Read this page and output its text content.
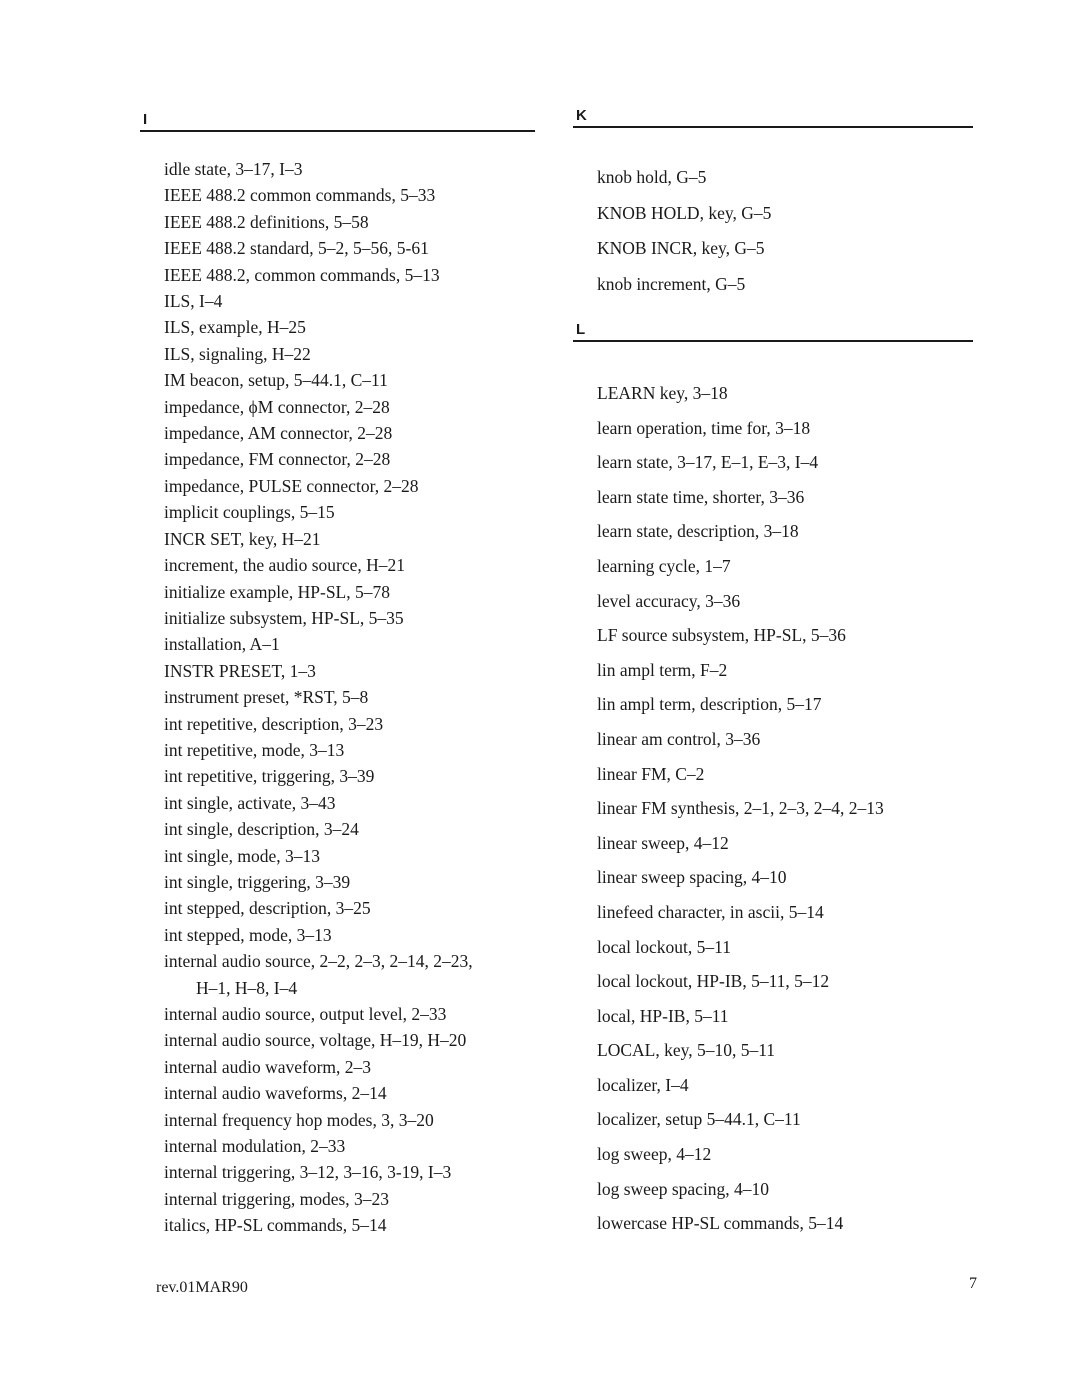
I
idle state, 3–17, I–3
IEEE 488.2 common commands, 5–33
IEEE 488.2 definitions, 5–58
IEEE 488.2 standard, 5–2, 5–56, 5-61
IEEE 488.2, common commands, 5–13
ILS, I–4
ILS, example, H–25
ILS, signaling, H–22
IM beacon, setup, 5–44.1, C–11
impedance, ϕM connector, 2–28
impedance, AM connector, 2–28
impedance, FM connector, 2–28
impedance, PULSE connector, 2–28
implicit couplings, 5–15
INCR SET, key, H–21
increment, the audio source, H–21
initialize example, HP-SL, 5–78
initialize subsystem, HP-SL, 5–35
installation, A–1
INSTR PRESET, 1–3
instrument preset, *RST, 5–8
int repetitive, description, 3–23
int repetitive, mode, 3–13
int repetitive, triggering, 3–39
int single, activate, 3–43
int single, description, 3–24
int single, mode, 3–13
int single, triggering, 3–39
int stepped, description, 3–25
int stepped, mode, 3–13
internal audio source, 2–2, 2–3, 2–14, 2–23,
H–1, H–8, I–4
internal audio source, output level, 2–33
internal audio source, voltage, H–19, H–20
internal audio waveform, 2–3
internal audio waveforms, 2–14
internal frequency hop modes, 3, 3–20
internal modulation, 2–33
internal triggering, 3–12, 3–16, 3-19, I–3
internal triggering, modes, 3–23
italics, HP-SL commands, 5–14
K
knob hold, G–5
KNOB HOLD, key, G–5
KNOB INCR, key, G–5
knob increment, G–5
L
LEARN key, 3–18
learn operation, time for, 3–18
learn state, 3–17, E–1, E–3, I–4
learn state time, shorter, 3–36
learn state, description, 3–18
learning cycle, 1–7
level accuracy, 3–36
LF source subsystem, HP-SL, 5–36
lin ampl term, F–2
lin ampl term, description, 5–17
linear am control, 3–36
linear FM, C–2
linear FM synthesis, 2–1, 2–3, 2–4, 2–13
linear sweep, 4–12
linear sweep spacing, 4–10
linefeed character, in ascii, 5–14
local lockout, 5–11
local lockout, HP-IB, 5–11, 5–12
local, HP-IB, 5–11
LOCAL, key, 5–10, 5–11
localizer, I–4
localizer, setup 5–44.1, C–11
log sweep, 4–12
log sweep spacing, 4–10
lowercase HP-SL commands, 5–14
rev.01MAR90	7
